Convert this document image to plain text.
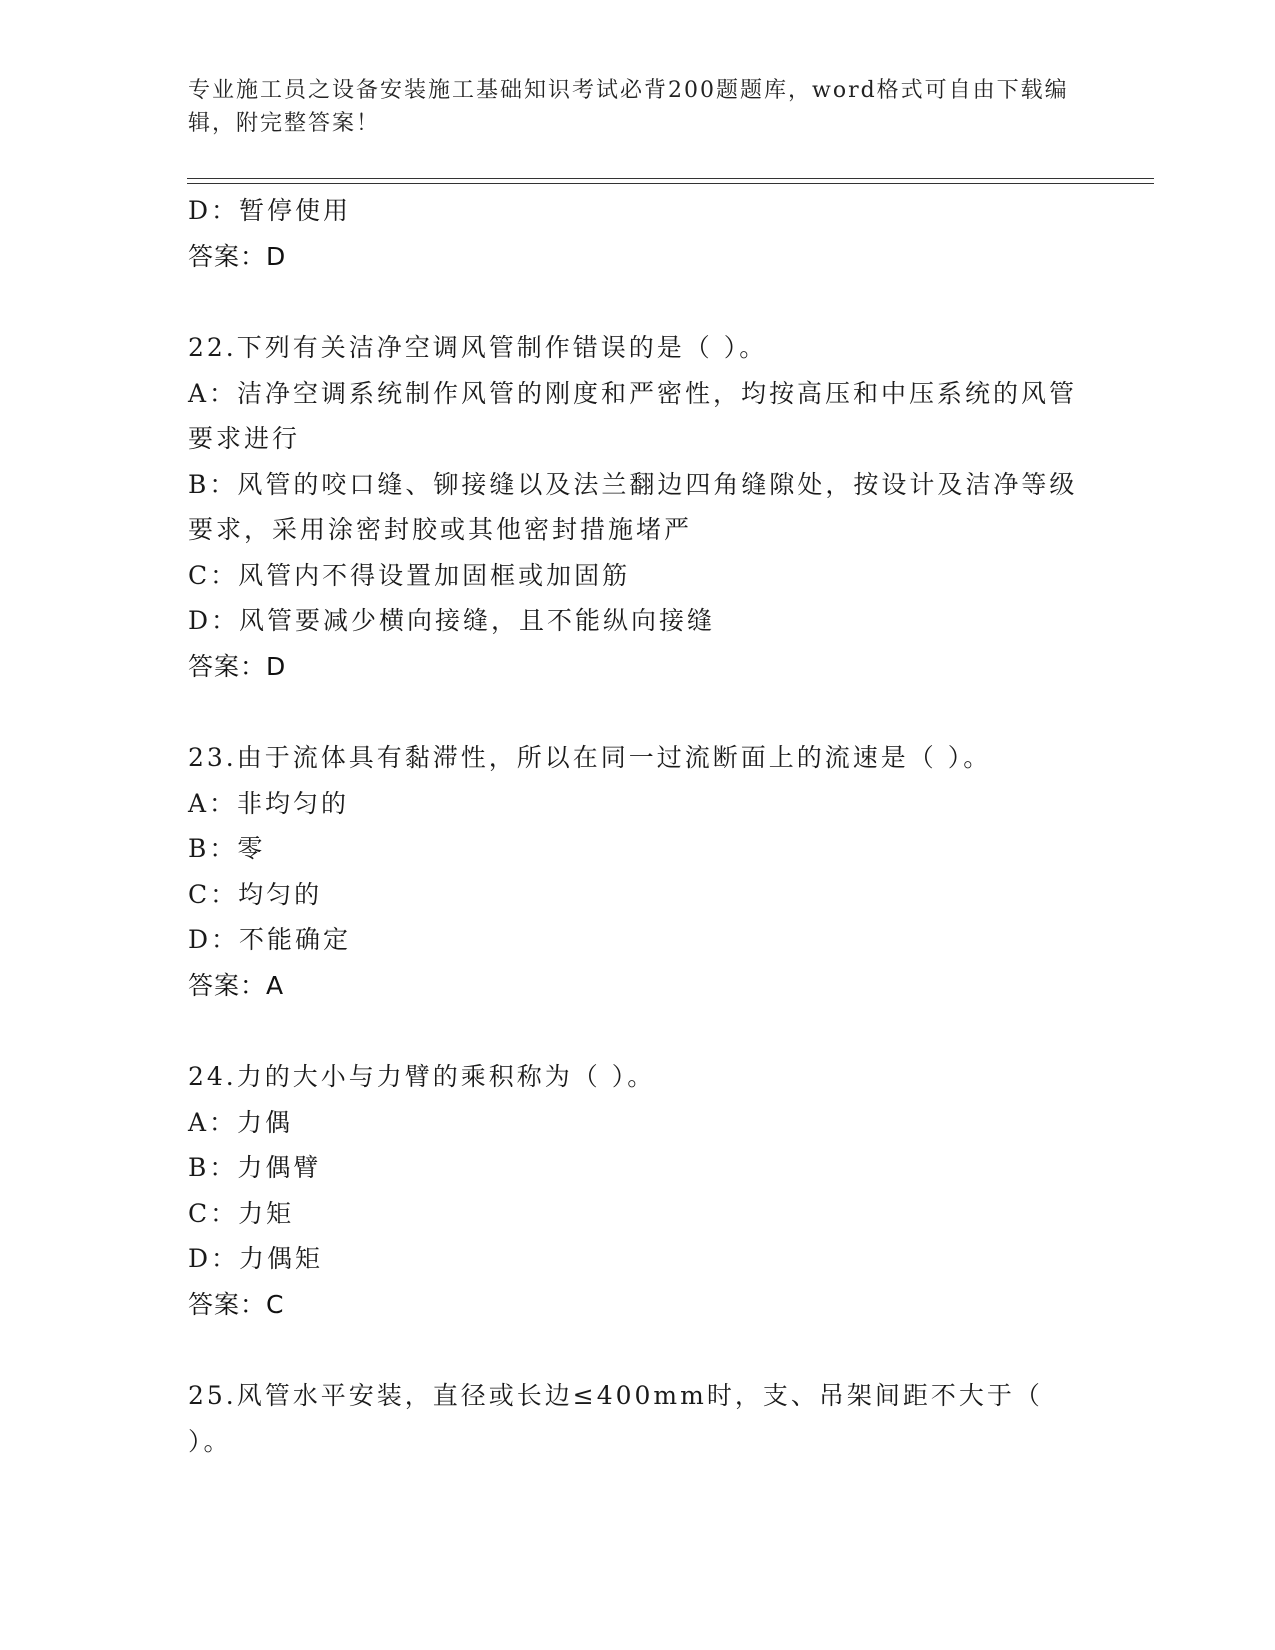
专业施工员之设备安装施工基础知识考试必背200题题库，word格式可自由下载编辑，附完整答案！
D：暂停使用
答案：D
22.下列有关洁净空调风管制作错误的是（ ）。
A：洁净空调系统制作风管的刚度和严密性，均按高压和中压系统的风管要求进行
B：风管的咬口缝、铆接缝以及法兰翻边四角缝隙处，按设计及洁净等级要求，采用涂密封胶或其他密封措施堵严
C：风管内不得设置加固框或加固筋
D：风管要减少横向接缝，且不能纵向接缝
答案：D
23.由于流体具有黏滞性，所以在同一过流断面上的流速是（ ）。
A：非均匀的
B：零
C：均匀的
D：不能确定
答案：A
24.力的大小与力臂的乘积称为（ ）。
A：力偶
B：力偶臂
C：力矩
D：力偶矩
答案：C
25.风管水平安装，直径或长边≤400mm时，支、吊架间距不大于（ ）。
